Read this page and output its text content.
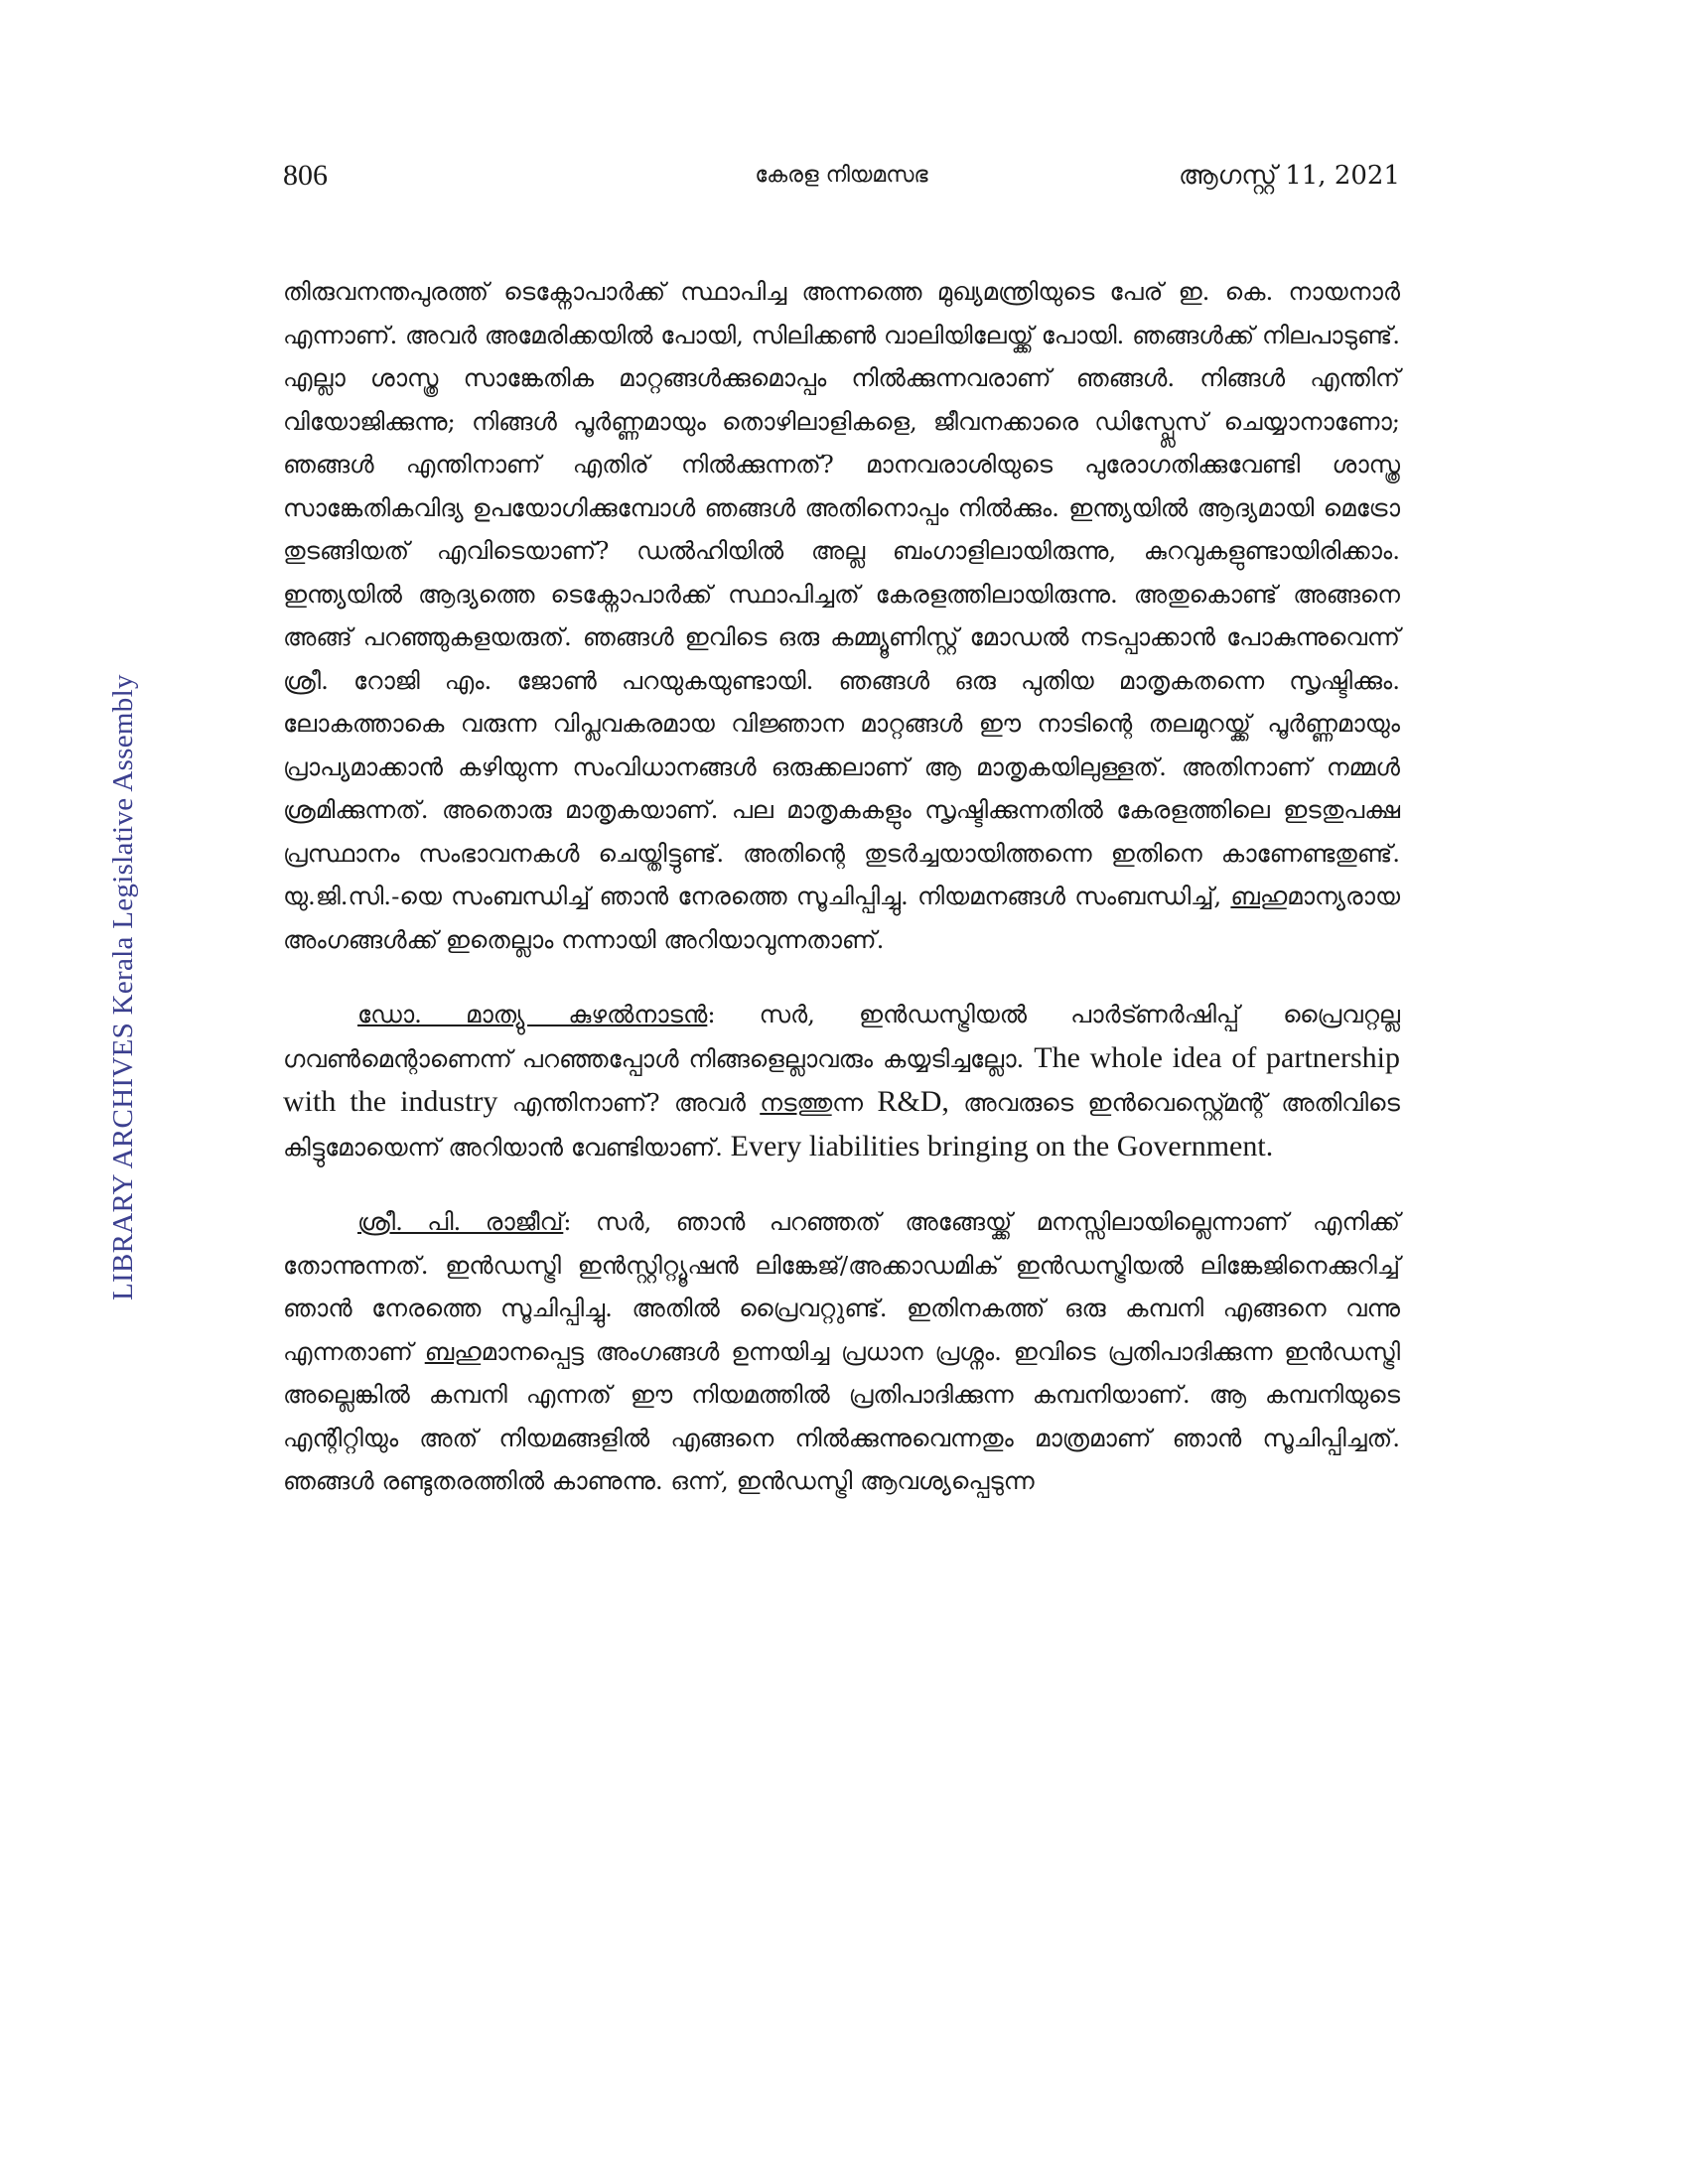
806	കേരള നിയമസഭ	ആഗസ്റ്റ് 11, 2021
LIBRARY ARCHIVES Kerala Legislative Assembly

തിരുവനന്തപുരത്ത് ടെക്നോപാർക്ക് സ്ഥാപിച്ച അന്നത്തെ മുഖ്യമന്ത്രിയുടെ പേര് ഇ. കെ. നായനാർ എന്നാണ്. അവർ അമേരിക്കയിൽ പോയി, സിലിക്കൺ വാലിയിലേയ്ക്ക് പോയി. ഞങ്ങൾക്ക് നിലപാടുണ്ട്. എല്ലാ ശാസ്ത്ര സാങ്കേതിക മാറ്റങ്ങൾക്കുമൊപ്പം നിൽക്കുന്നവരാണ് ഞങ്ങൾ. നിങ്ങൾ എന്തിന് വിയോജിക്കുന്നു; നിങ്ങൾ പൂർണ്ണമായും തൊഴിലാളികളെ, ജീവനക്കാരെ ഡിസ്പ്ലേസ് ചെയ്യാനാണോ; ഞങ്ങൾ എന്തിനാണ് എതിര് നിൽക്കുന്നത്? മാനവരാശിയുടെ പുരോഗതിക്കുവേണ്ടി ശാസ്ത്ര സാങ്കേതികവിദ്യ ഉപയോഗിക്കുമ്പോൾ ഞങ്ങൾ അതിനൊപ്പം നിൽക്കും. ഇന്ത്യയിൽ ആദ്യമായി മെട്രോ തുടങ്ങിയത് എവിടെയാണ്? ഡൽഹിയിൽ അല്ല ബംഗാളിലായിരുന്നു, കുറവുകളുണ്ടായിരിക്കാം. ഇന്ത്യയിൽ ആദ്യത്തെ ടെക്നോപാർക്ക് സ്ഥാപിച്ചത് കേരളത്തിലായിരുന്നു. അതുകൊണ്ട് അങ്ങനെ അങ്ങ് പറഞ്ഞുകളയരുത്. ഞങ്ങൾ ഇവിടെ ഒരു കമ്മ്യൂണിസ്റ്റ് മോഡൽ നടപ്പാക്കാൻ പോകുന്നുവെന്ന് ശ്രീ. റോജി എം. ജോൺ പറയുകയുണ്ടായി. ഞങ്ങൾ ഒരു പുതിയ മാതൃകതന്നെ സൃഷ്ടിക്കും. ലോകത്താകെ വരുന്ന വിപ്ലവകരമായ വിജ്ഞാന മാറ്റങ്ങൾ ഈ നാടിന്റെ തലമുറയ്ക്ക് പൂർണ്ണമായും പ്രാപ്യമാക്കാൻ കഴിയുന്ന സംവിധാനങ്ങൾ ഒരുക്കലാണ് ആ മാതൃകയിലുള്ളത്. അതിനാണ് നമ്മൾ ശ്രമിക്കുന്നത്. അതൊരു മാതൃകയാണ്. പല മാതൃകകളും സൃഷ്ടിക്കുന്നതിൽ കേരളത്തിലെ ഇടതുപക്ഷ പ്രസ്ഥാനം സംഭാവനകൾ ചെയ്തിട്ടുണ്ട്. അതിന്റെ തുടർച്ചയായിത്തന്നെ ഇതിനെ കാണേണ്ടതുണ്ട്. യു.ജി.സി.-യെ സംബന്ധിച്ച് ഞാൻ നേരത്തെ സൂചിപ്പിച്ചു. നിയമനങ്ങൾ സംബന്ധിച്ച്, ബഹുമാന്യരായ അംഗങ്ങൾക്ക് ഇതെല്ലാം നന്നായി അറിയാവുന്നതാണ്.

ഡോ. മാത്യു കുഴൽനാടൻ: സർ, ഇൻഡസ്ട്രിയൽ പാർട്ണർഷിപ്പ് പ്രൈവറ്റല്ല ഗവൺമെന്റാണെന്ന് പറഞ്ഞപ്പോൾ നിങ്ങളെല്ലാവരും കയ്യടിച്ചല്ലോ. The whole idea of partnership with the industry എന്തിനാണ്? അവർ നടത്തുന്ന R&D, അവരുടെ ഇൻവെസ്റ്റ്മെന്റ് അതിവിടെ കിട്ടുമോയെന്ന് അറിയാൻ വേണ്ടിയാണ്. Every liabilities bringing on the Government.

ശ്രീ. പി. രാജീവ്: സർ, ഞാൻ പറഞ്ഞത് അങ്ങേയ്ക്ക് മനസ്സിലായില്ലെന്നാണ് എനിക്ക് തോന്നുന്നത്. ഇൻഡസ്ട്രി ഇൻസ്റ്റിറ്റ്യൂഷൻ ലിങ്കേജ്/അക്കാഡമിക് ഇൻഡസ്ട്രിയൽ ലിങ്കേജിനെക്കുറിച്ച് ഞാൻ നേരത്തെ സൂചിപ്പിച്ചു. അതിൽ പ്രൈവറ്റുണ്ട്. ഇതിനകത്ത് ഒരു കമ്പനി എങ്ങനെ വന്നു എന്നതാണ് ബഹുമാനപ്പെട്ട അംഗങ്ങൾ ഉന്നയിച്ച പ്രധാന പ്രശ്നം. ഇവിടെ പ്രതിപാദിക്കുന്ന ഇൻഡസ്ട്രി അല്ലെങ്കിൽ കമ്പനി എന്നത് ഈ നിയമത്തിൽ പ്രതിപാദിക്കുന്ന കമ്പനിയാണ്. ആ കമ്പനിയുടെ എന്റിറ്റിയും അത് നിയമങ്ങളിൽ എങ്ങനെ നിൽക്കുന്നുവെന്നതും മാത്രമാണ് ഞാൻ സൂചിപ്പിച്ചത്. ഞങ്ങൾ രണ്ടുതരത്തിൽ കാണുന്നു. ഒന്ന്, ഇൻഡസ്ട്രി ആവശ്യപ്പെടുന്ന
